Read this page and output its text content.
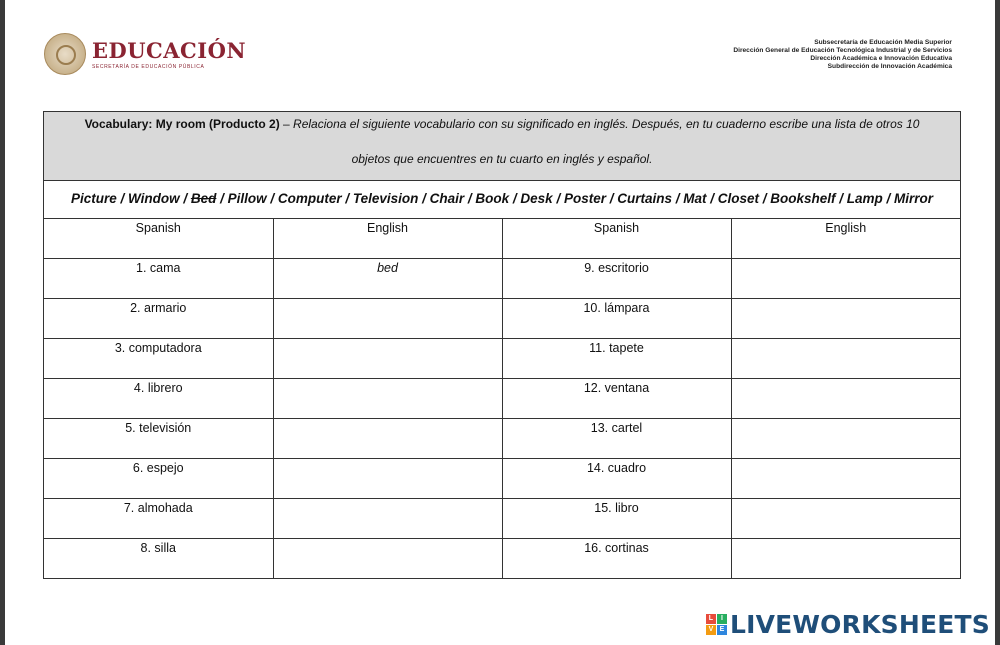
EDUCACIÓN
SECRETARÍA DE EDUCACIÓN PÚBLICA
Subsecretaría de Educación Media Superior
Dirección General de Educación Tecnológica Industrial y de Servicios
Dirección Académica e Innovación Educativa
Subdirección de Innovación Académica
Vocabulary: My room (Producto 2) – Relaciona el siguiente vocabulario con su significado en inglés. Después, en tu cuaderno escribe una lista de otros 10
objetos que encuentres en tu cuarto en inglés y español.
Picture / Window / Bed / Pillow / Computer / Television / Chair / Book / Desk / Poster / Curtains / Mat / Closet / Bookshelf / Lamp / Mirror
Spanish	English	Spanish	English
1. cama	bed	9. escritorio	
2. armario		10. lámpara	
3. computadora		11. tapete	
4. librero		12. ventana	
5. televisión		13. cartel	
6. espejo		14. cuadro	
7. almohada		15. libro	
8. silla		16. cortinas	
L	I
V E LIVEWORKSHEETS
